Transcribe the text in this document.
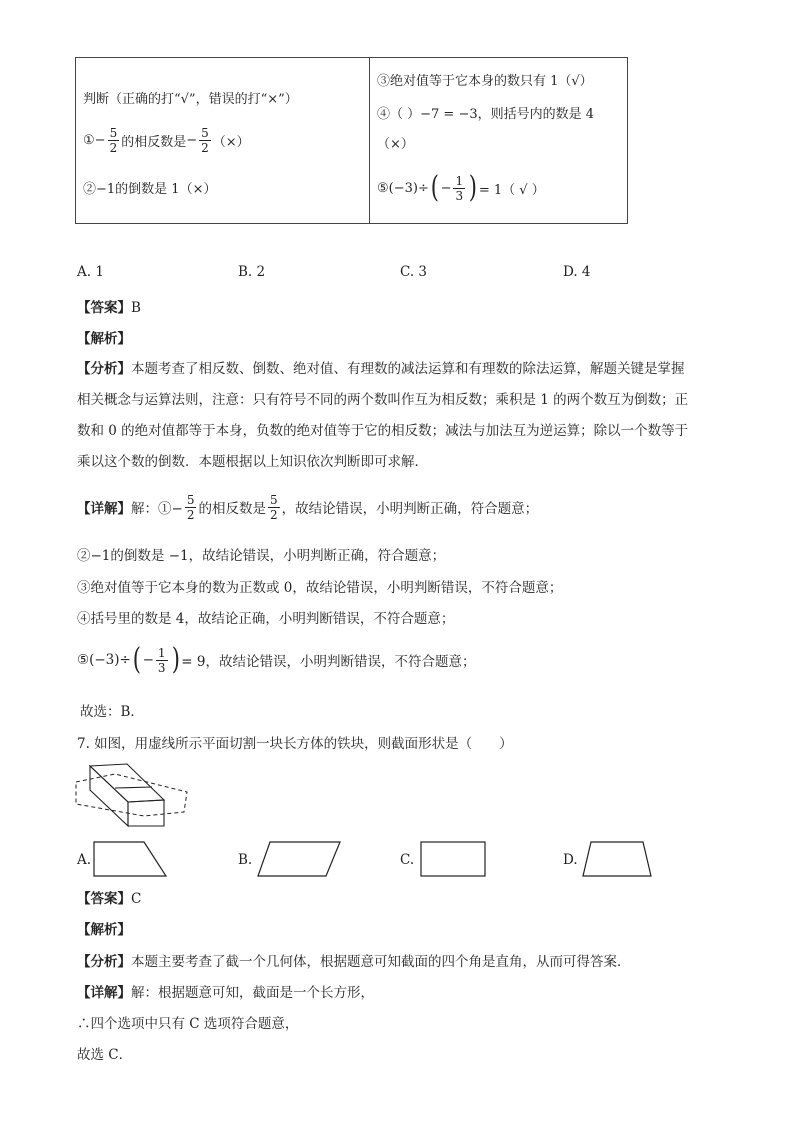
判断（正确的打“√”，错误的打“×”）
① − $\frac{5}{2}$ 的相反数是 − $\frac{5}{2}$ （×）
②−1的倒数是 1（×）

③绝对值等于它本身的数只有 1（√）
④（ ）−7 = −3，则括号内的数是 4
（×）
⑤ (−3)÷ ( − $\frac{1}{3}$ ) = 1（ √ ）
A. 1	B. 2	C. 3	D. 4
【答案】B
【解析】
【分析】本题考查了相反数、倒数、绝对值、有理数的减法运算和有理数的除法运算，解题关键是掌握
相关概念与运算法则，注意：只有符号不同的两个数叫作互为相反数；乘积是 1 的两个数互为倒数；正
数和 0 的绝对值都等于本身，负数的绝对值等于它的相反数；减法与加法互为逆运算；除以一个数等于
乘以这个数的倒数．本题根据以上知识依次判断即可求解．
【详解】 解：①− $\frac{5}{2}$ 的相反数是 $\frac{5}{2}$ ，故结论错误，小明判断正确，符合题意；
②−1的倒数是 −1，故结论错误，小明判断正确，符合题意；
③绝对值等于它本身的数为正数或 0，故结论错误，小明判断错误，不符合题意；
④括号里的数是 4，故结论正确，小明判断错误，不符合题意；
⑤(−3)÷ ( − $\frac{1}{3}$ ) = 9，故结论错误，小明判断错误，不符合题意；
故选：B．
7. 如图，用虚线所示平面切割一块长方体的铁块，则截面形状是（　　）
A.	B.	C.	D.
【答案】C
【解析】
【分析】本题主要考查了截一个几何体，根据题意可知截面的四个角是直角，从而可得答案．
【详解】解：根据题意可知，截面是一个长方形，
∴四个选项中只有 C 选项符合题意，
故选 C．
